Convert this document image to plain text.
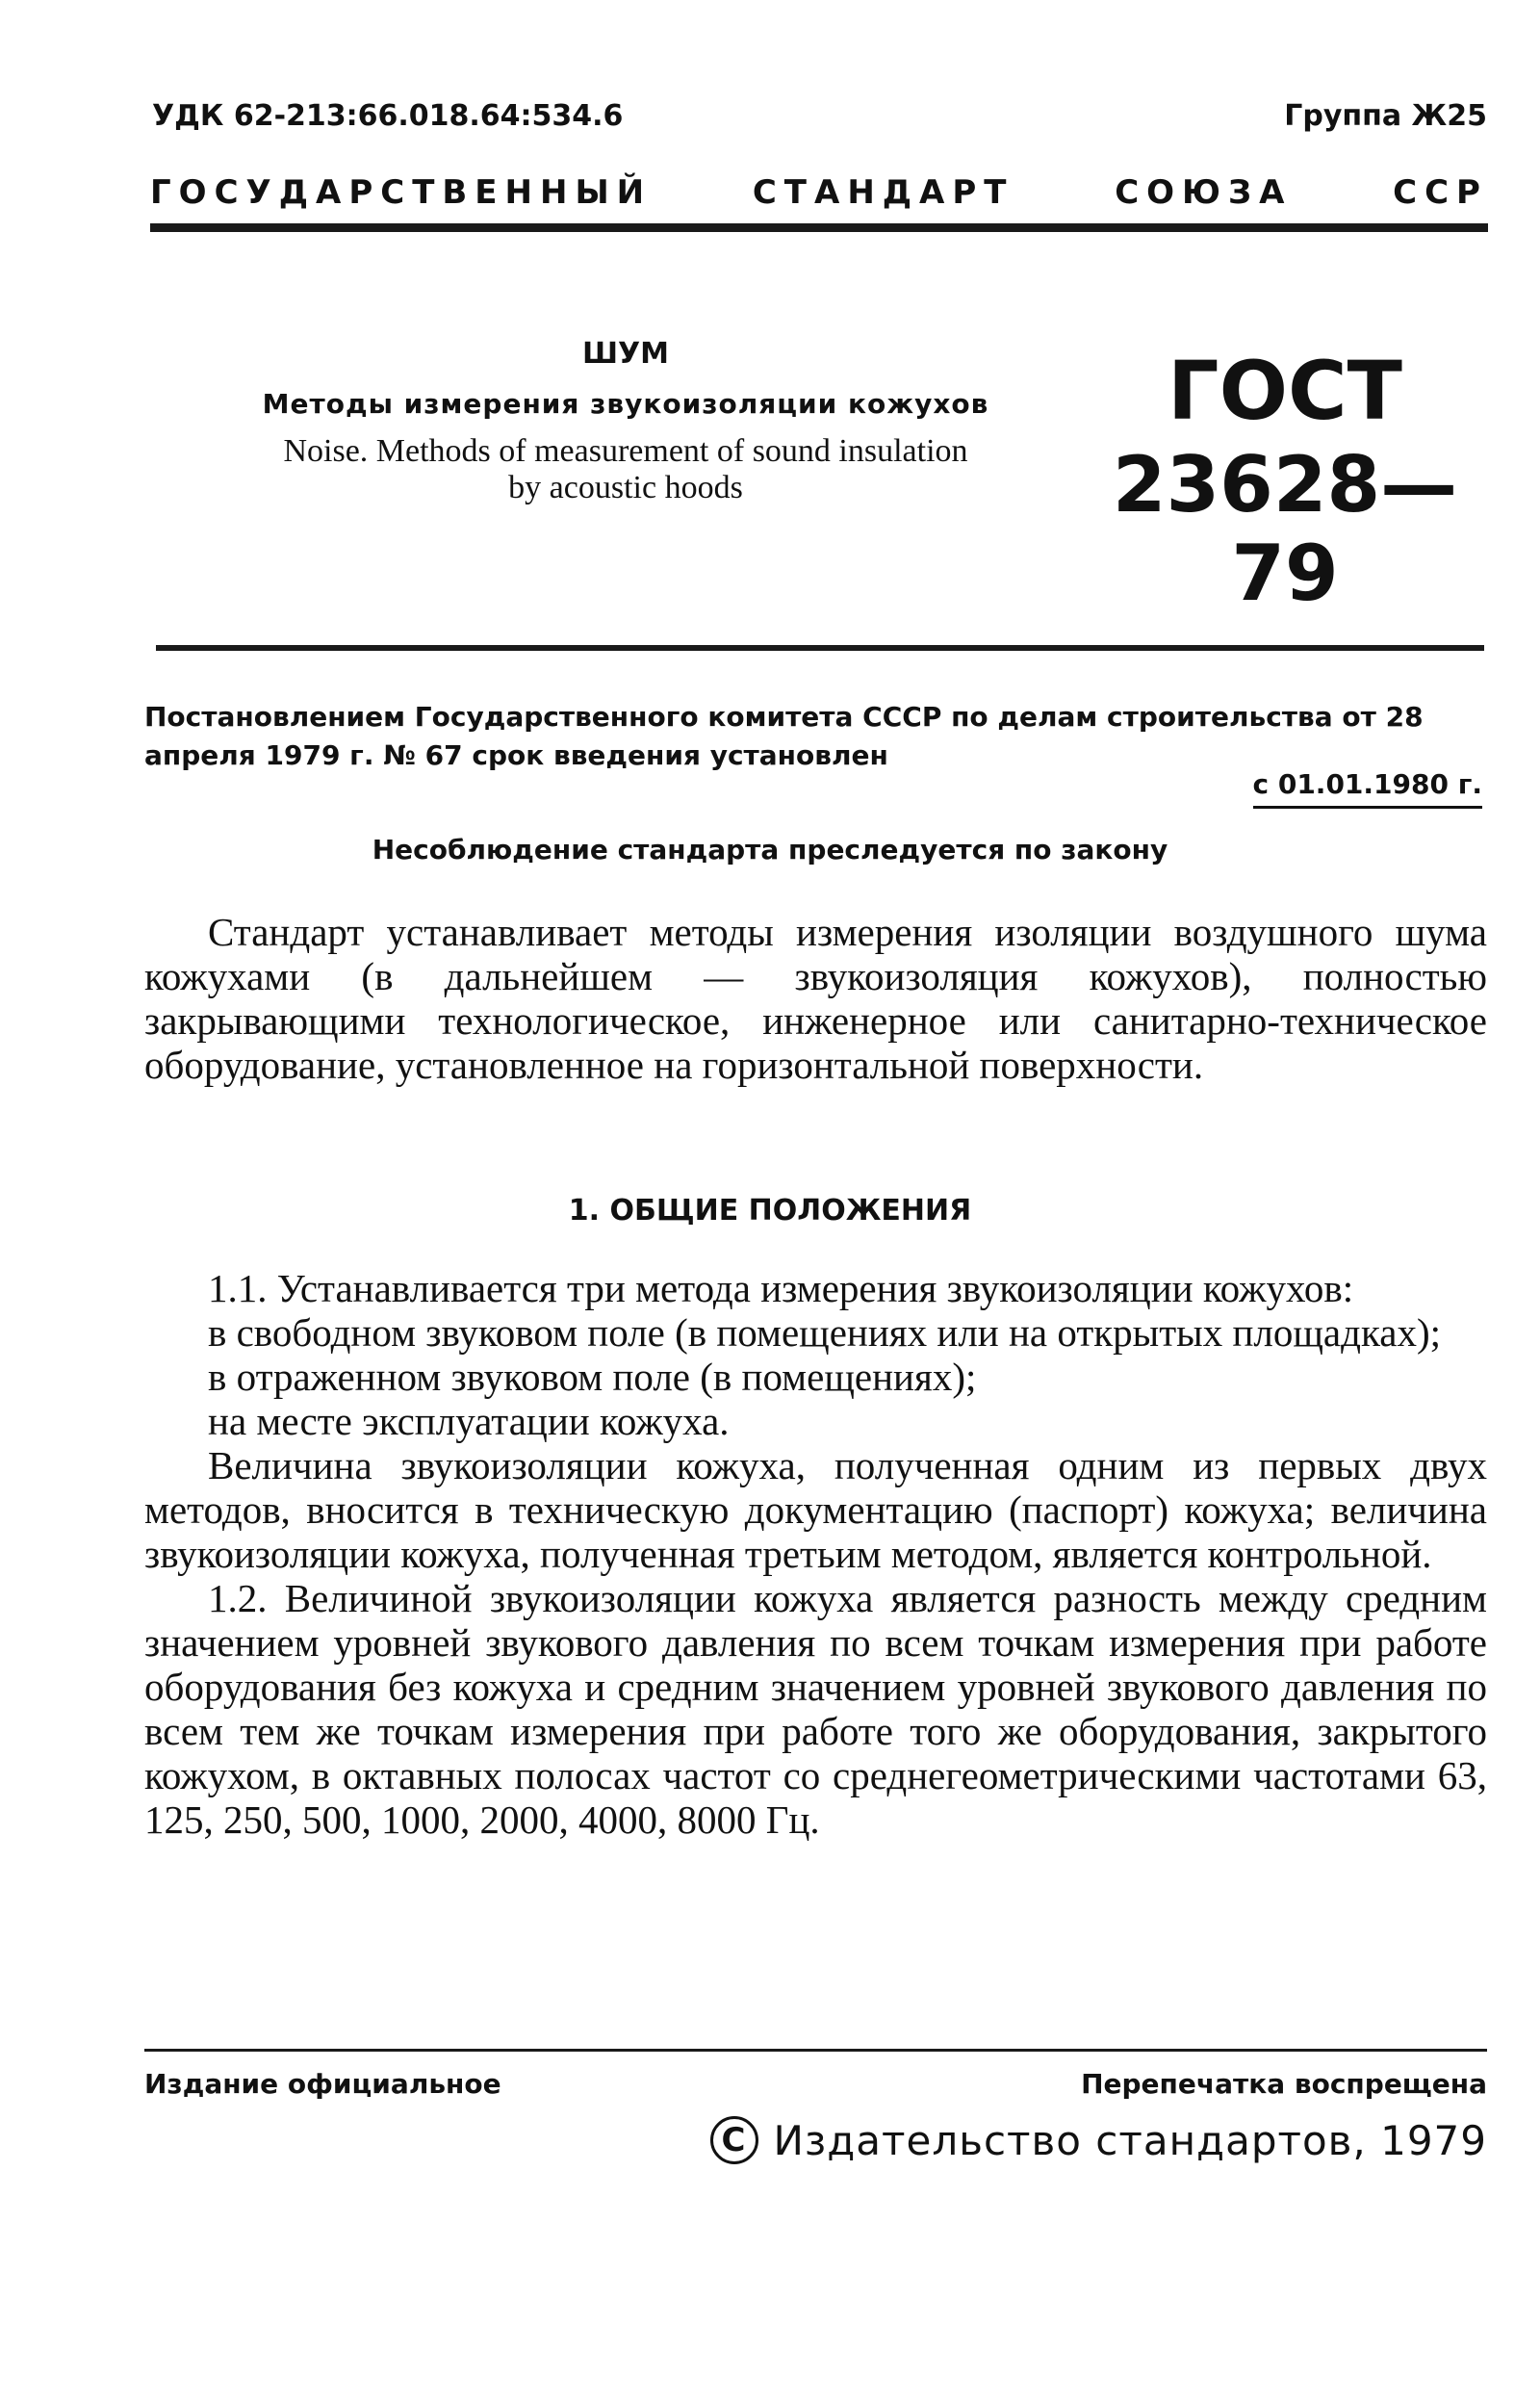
УДК 62-213:66.018.64:534.6	Группа Ж25
ГОСУДАРСТВЕННЫЙ	СТАНДАРТ	СОЮЗА	ССР
ШУМ
Методы измерения звукоизоляции кожухов
Noise. Methods of measurement of sound insulation
by acoustic hoods
ГОСТ
23628—79
Постановлением Государственного комитета СССР по делам строительства от 28 апреля 1979 г. № 67 срок введения установлен
с 01.01.1980 г.
Несоблюдение стандарта преследуется по закону

Стандарт устанавливает методы измерения изоляции воздушного шума кожухами (в дальнейшем — звукоизоляция кожухов), полностью закрывающими технологическое, инженерное или санитарно-техническое оборудование, установленное на горизонтальной поверхности.

1. ОБЩИЕ ПОЛОЖЕНИЯ

1.1. Устанавливается три метода измерения звукоизоляции кожухов:

в свободном звуковом поле (в помещениях или на открытых площадках);

в отраженном звуковом поле (в помещениях);

на месте эксплуатации кожуха.

Величина звукоизоляции кожуха, полученная одним из первых двух методов, вносится в техническую документацию (паспорт) кожуха; величина звукоизоляции кожуха, полученная третьим методом, является контрольной.

1.2. Величиной звукоизоляции кожуха является разность между средним значением уровней звукового давления по всем точкам измерения при работе оборудования без кожуха и средним значением уровней звукового давления по всем тем же точкам измерения при работе того же оборудования, закрытого кожухом, в октавных полосах частот со среднегеометрическими частотами 63, 125, 250, 500, 1000, 2000, 4000, 8000 Гц.

Издание официальное	Перепечатка воспрещена
C Издательство стандартов, 1979
